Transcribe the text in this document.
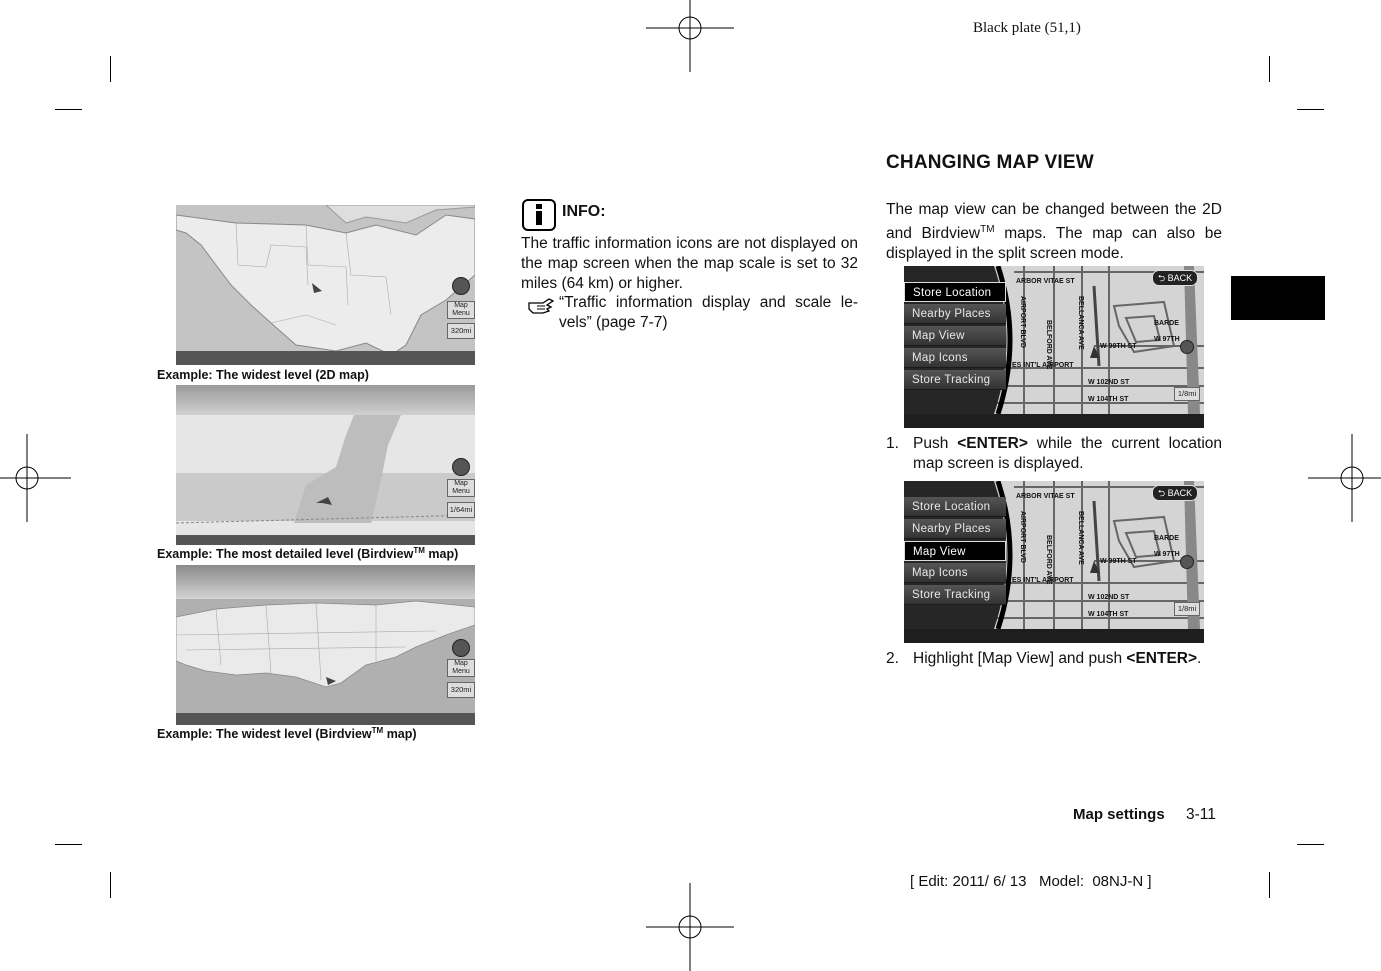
Black plate (51,1)
Map Menu
320mi
Example: The widest level (2D map)
Map Menu
1/64mi
Example: The most detailed level (Birdview™ map)
Map Menu
320mi
Example: The widest level (Birdview™ map)
INFO:
The traffic information icons are not displayed on the map screen when the map scale is set to 32 miles (64 km) or higher.
“Traffic information display and scale le-vels” (page 7-7)
CHANGING MAP VIEW
The map view can be changed between the 2D and Birdview™ maps. The map can also be displayed in the split screen mode.
Store Location
Nearby Places
Map View
Map Icons
Store Tracking
⮌ BACK
ARBOR VITAE ST
BELLANCA AVE
AIRPORT BLVD	BELFORD AVE	W 99TH ST
ES INT'L AIRPORT
W 102ND ST
W 104TH ST
BARDE
W 97TH
1/8mi
1. Push <ENTER> while the current location map screen is displayed.
Store Location
Nearby Places
Map View
Map Icons
Store Tracking
⮌ BACK
ARBOR VITAE ST
BELLANCA AVE
AIRPORT BLVD	BELFORD AVE	W 99TH ST
ES INT'L AIRPORT
W 102ND ST
W 104TH ST
BARDE
W 97TH
1/8mi
2. Highlight [Map View] and push <ENTER>.
Map settings 3-11
[ Edit: 2011/ 6/ 13   Model:  08NJ-N ]
